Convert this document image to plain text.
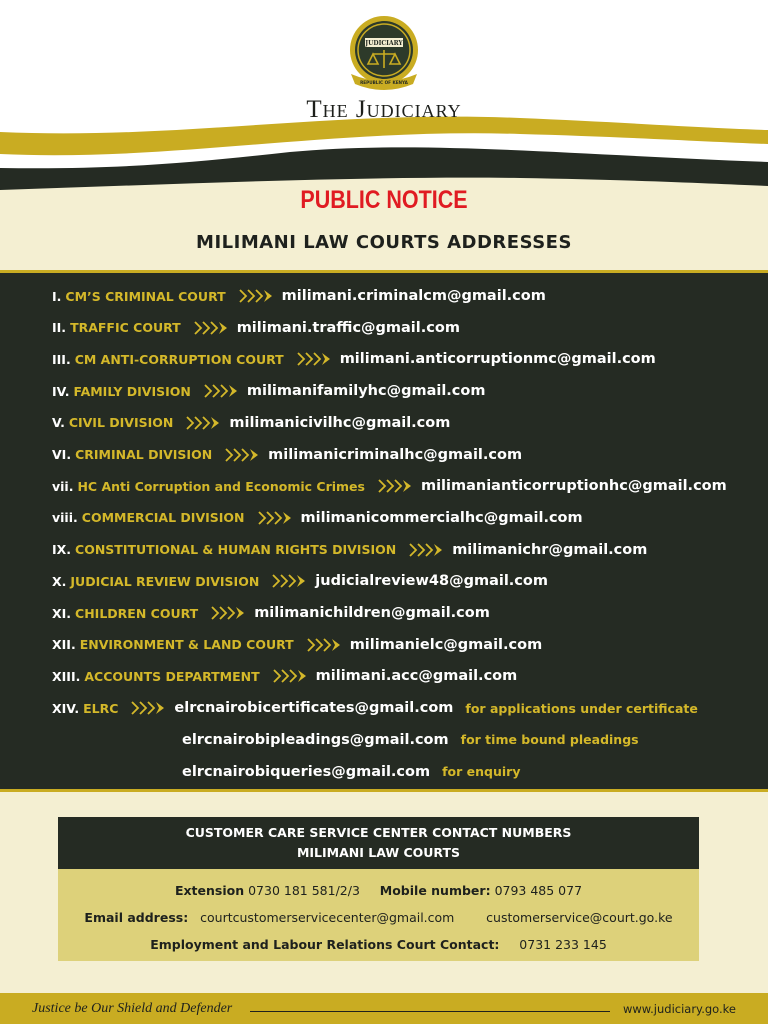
JUDICIARY
REPUBLIC OF KENYA
The Judiciary
PUBLIC NOTICE
MILIMANI LAW COURTS ADDRESSES
I. CM’S CRIMINAL COURT	milimani.criminalcm@gmail.com
II. TRAFFIC COURT	milimani.traffic@gmail.com
III. CM ANTI-CORRUPTION COURT	milimani.anticorruptionmc@gmail.com
IV. FAMILY DIVISION	milimanifamilyhc@gmail.com
V. CIVIL DIVISION	milimanicivilhc@gmail.com
VI. CRIMINAL DIVISION	milimanicriminalhc@gmail.com
vii. HC Anti Corruption and Economic Crimes	milimanianticorruptionhc@gmail.com
viii. COMMERCIAL DIVISION	milimanicommercialhc@gmail.com
IX. CONSTITUTIONAL & HUMAN RIGHTS DIVISION	milimanichr@gmail.com
X. JUDICIAL REVIEW DIVISION	judicialreview48@gmail.com
XI. CHILDREN COURT	milimanichildren@gmail.com
XII. ENVIRONMENT & LAND COURT	milimanielc@gmail.com
XIII. ACCOUNTS DEPARTMENT	milimani.acc@gmail.com
XIV. ELRC	elrcnairobicertificates@gmail.com for applications under certificate
elrcnairobipleadings@gmail.com for time bound pleadings
elrcnairobiqueries@gmail.com for enquiry
CUSTOMER CARE SERVICE CENTER CONTACT NUMBERS
MILIMANI LAW COURTS
Extension 0730 181 581/2/3 Mobile number: 0793 485 077
Email address: courtcustomerservicecenter@gmail.com	customerservice@court.go.ke
Employment and Labour Relations Court Contact: 0731 233 145
Justice be Our Shield and Defender	www.judiciary.go.ke
